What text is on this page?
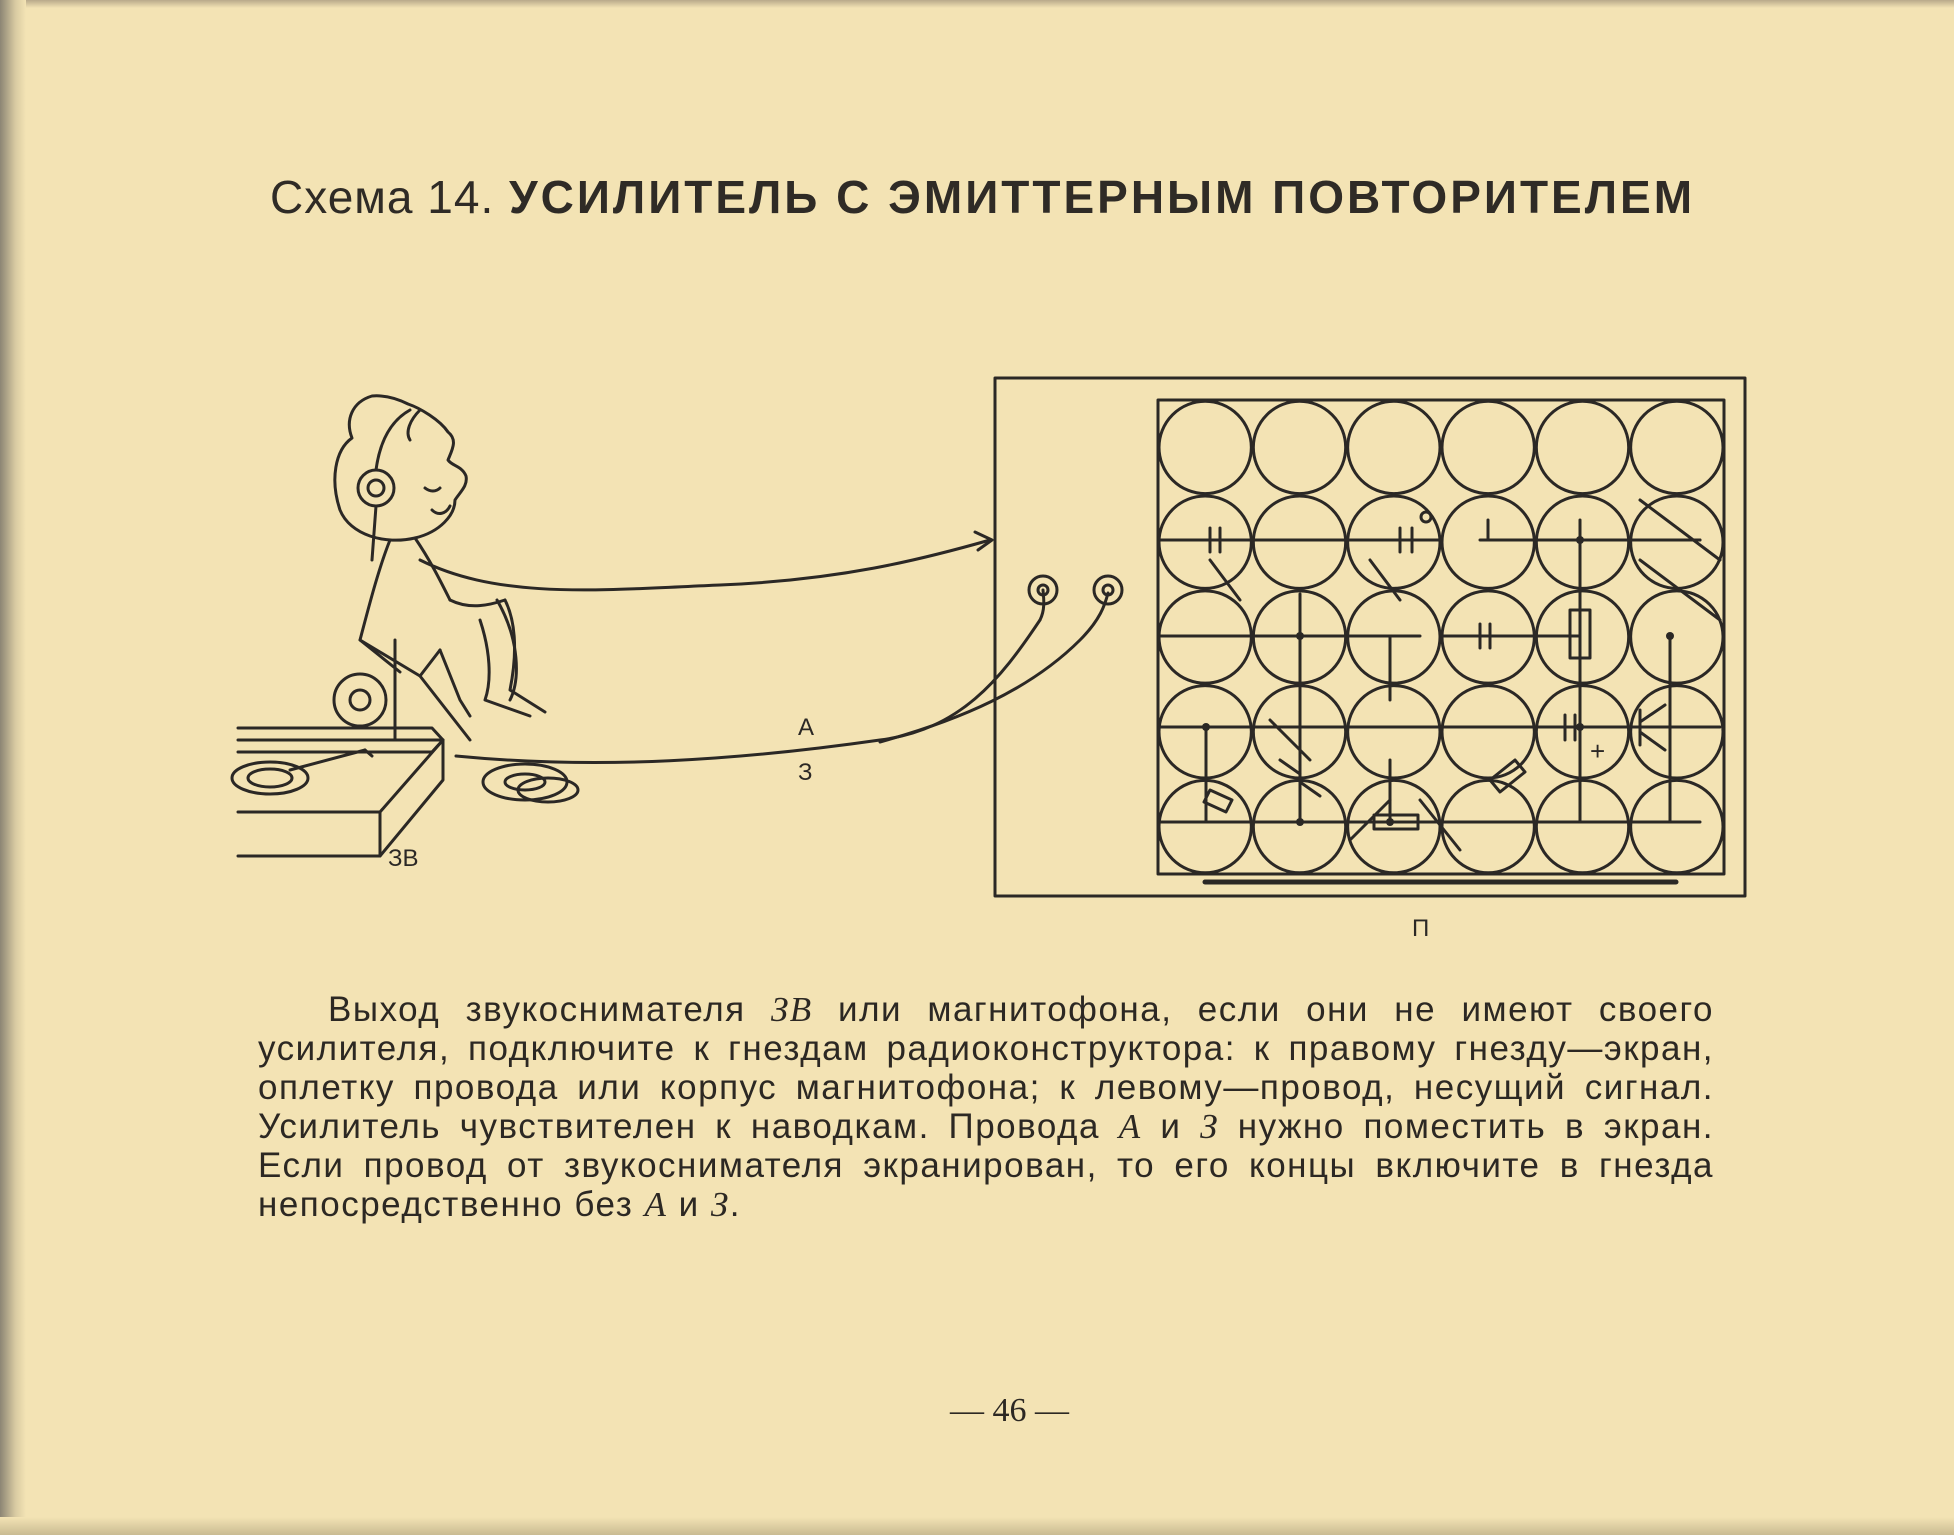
Схема 14. УСИЛИТЕЛЬ С ЭМИТТЕРНЫМ ПОВТОРИТЕЛЕМ
ЗВ
А
З
П
+

Выход звукоснимателя ЗВ или магнитофона, если они не имеют своего усилителя, подключите к гнездам радиоконструктора: к правому гнезду—экран, оплетку провода или корпус магнитофона; к левому—провод, несущий сигнал. Усилитель чувствителен к наводкам. Провода А и З нужно поместить в экран. Если провод от звукоснимателя экранирован, то его концы включите в гнезда непосредственно без А и З.

— 46 —
